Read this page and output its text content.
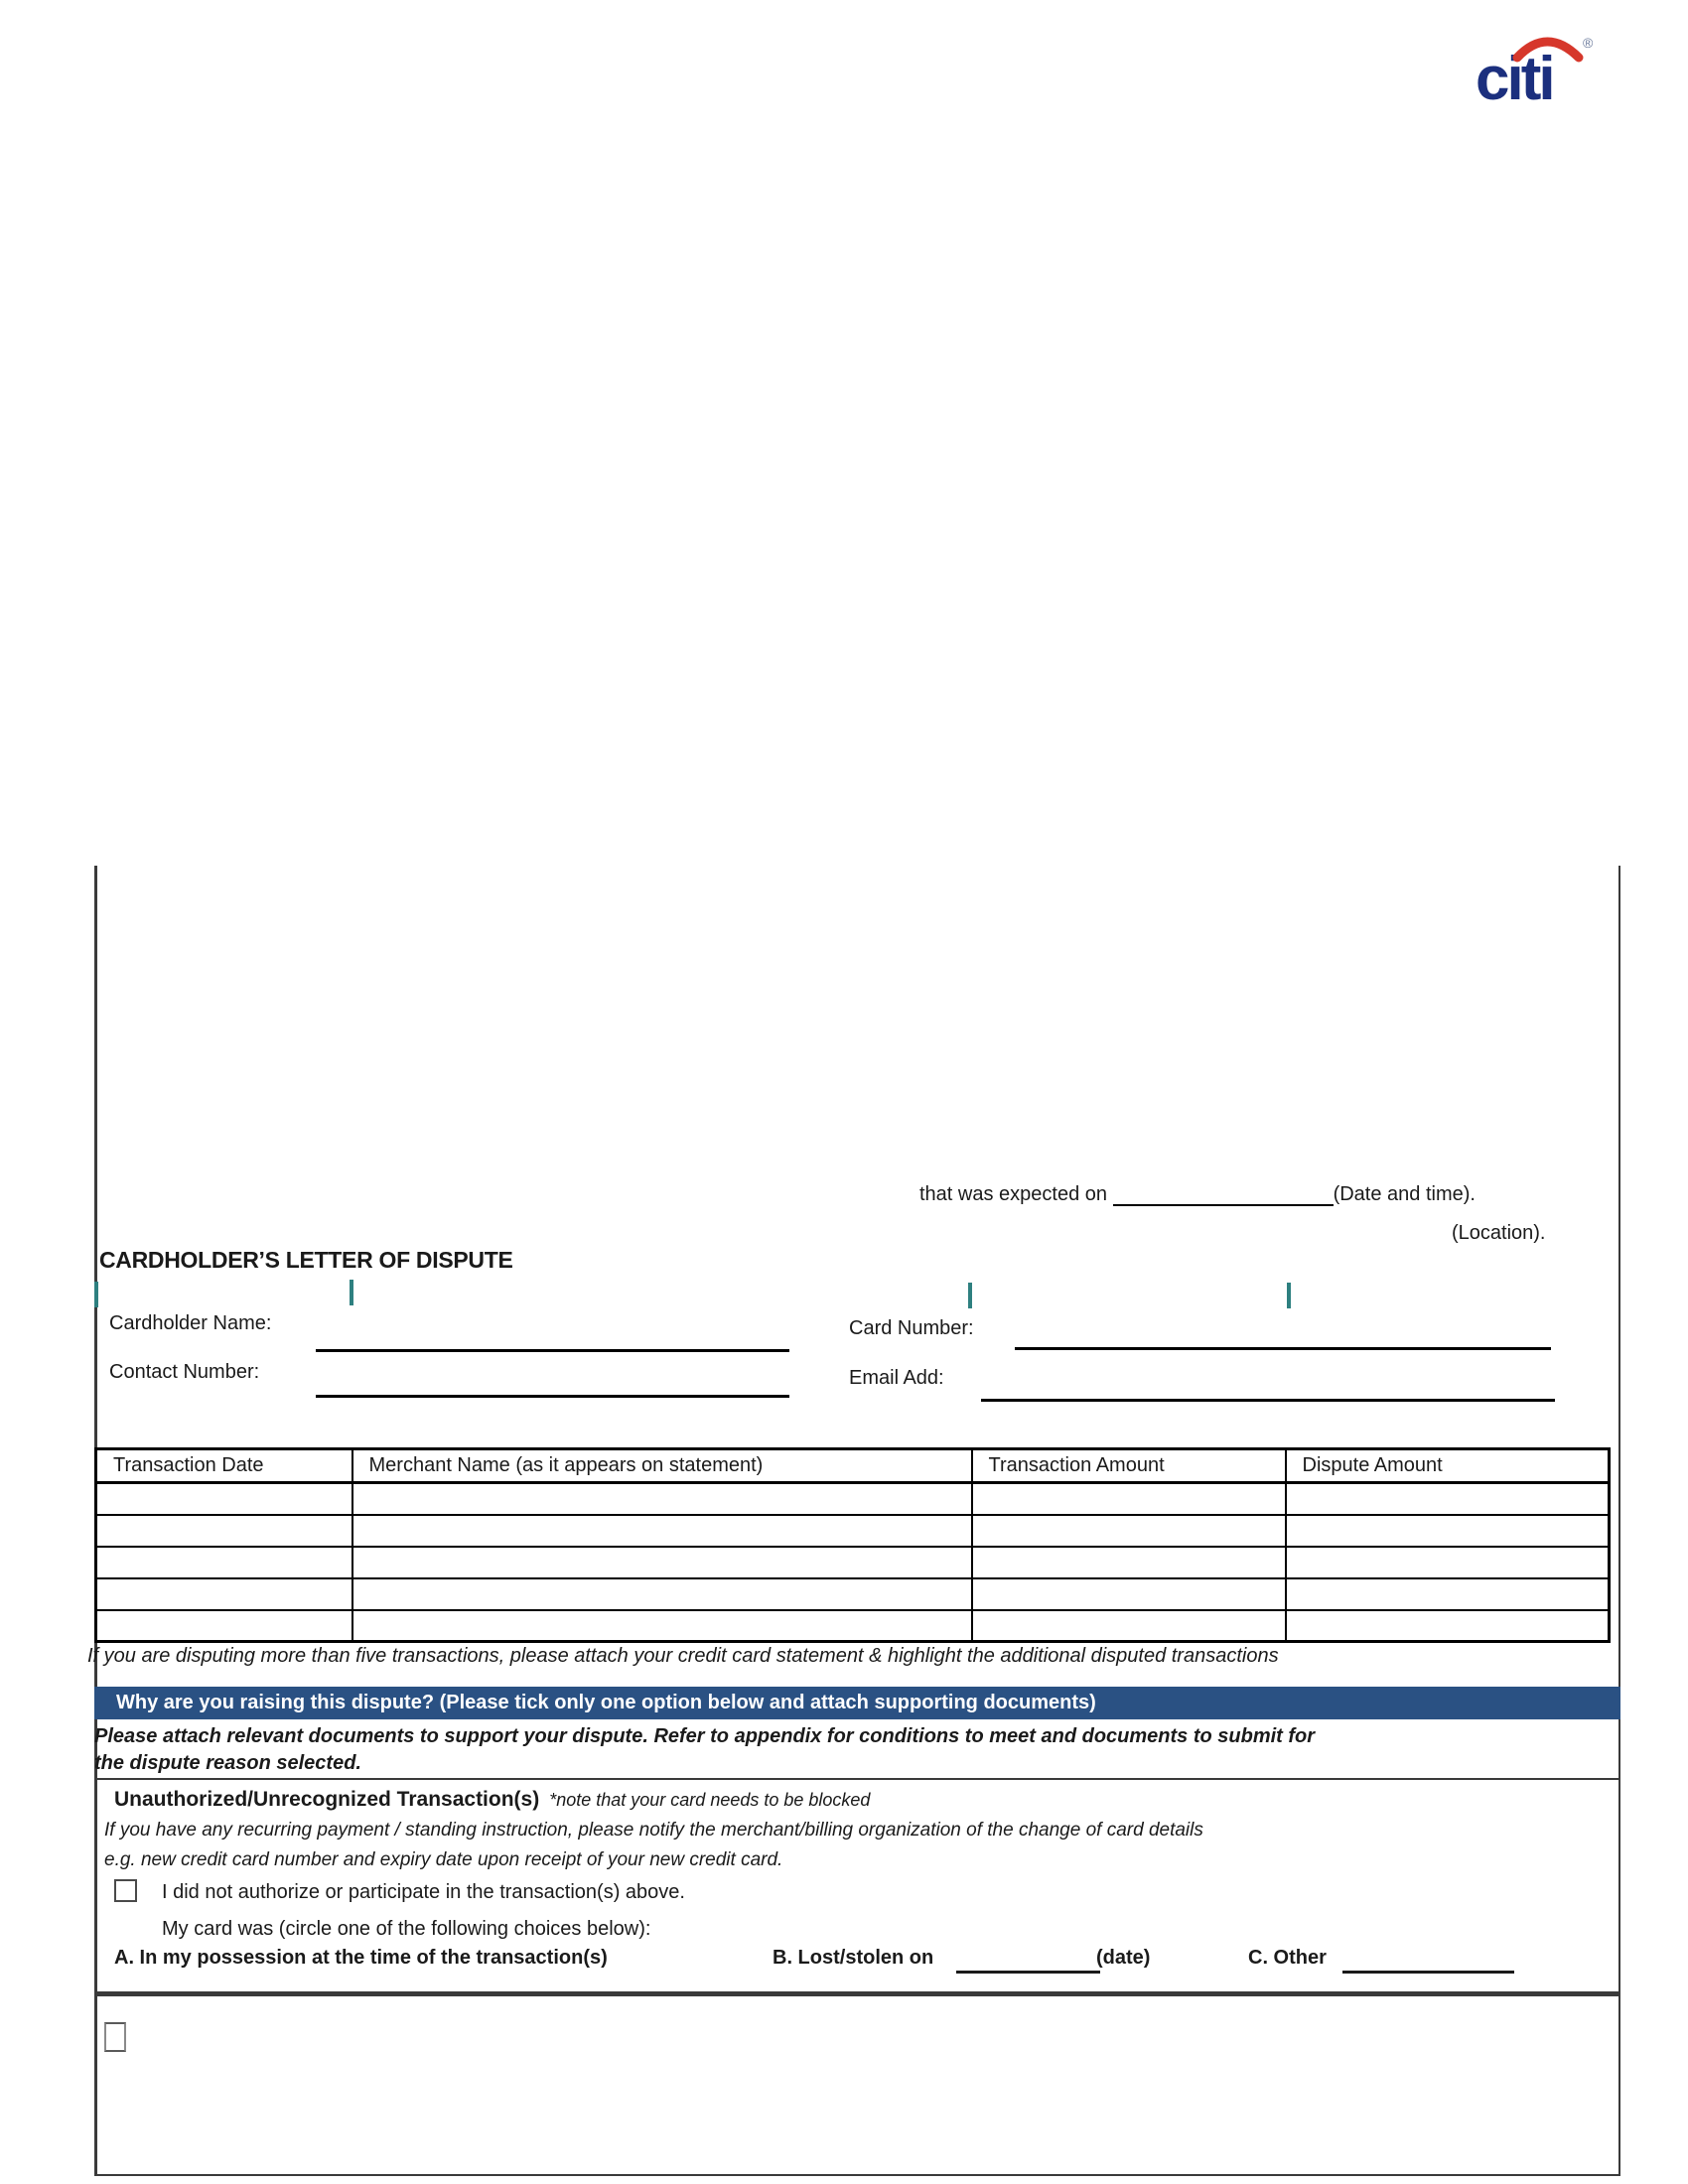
citi
®
that was expected on	(Date and time).
(Location).
CARDHOLDER’S LETTER OF DISPUTE
Cardholder Name:	Card Number:
Contact Number:	Email Add:
Transaction Date	Merchant Name (as it appears on statement)	Transaction Amount	Dispute Amount

If you are disputing more than five transactions, please attach your credit card statement & highlight the additional disputed transactions
Why are you raising this dispute? (Please tick only one option below and attach supporting documents)
Please attach relevant documents to support your dispute. Refer to appendix for conditions to meet and documents to submit for the dispute reason selected.
Unauthorized/Unrecognized Transaction(s) *note that your card needs to be blocked
If you have any recurring payment / standing instruction, please notify the merchant/billing organization of the change of card details
e.g. new credit card number and expiry date upon receipt of your new credit card.
I did not authorize or participate in the transaction(s) above.
My card was (circle one of the following choices below):
A. In my possession at the time of the transaction(s)	B. Lost/stolen on	(date)	C. Other
